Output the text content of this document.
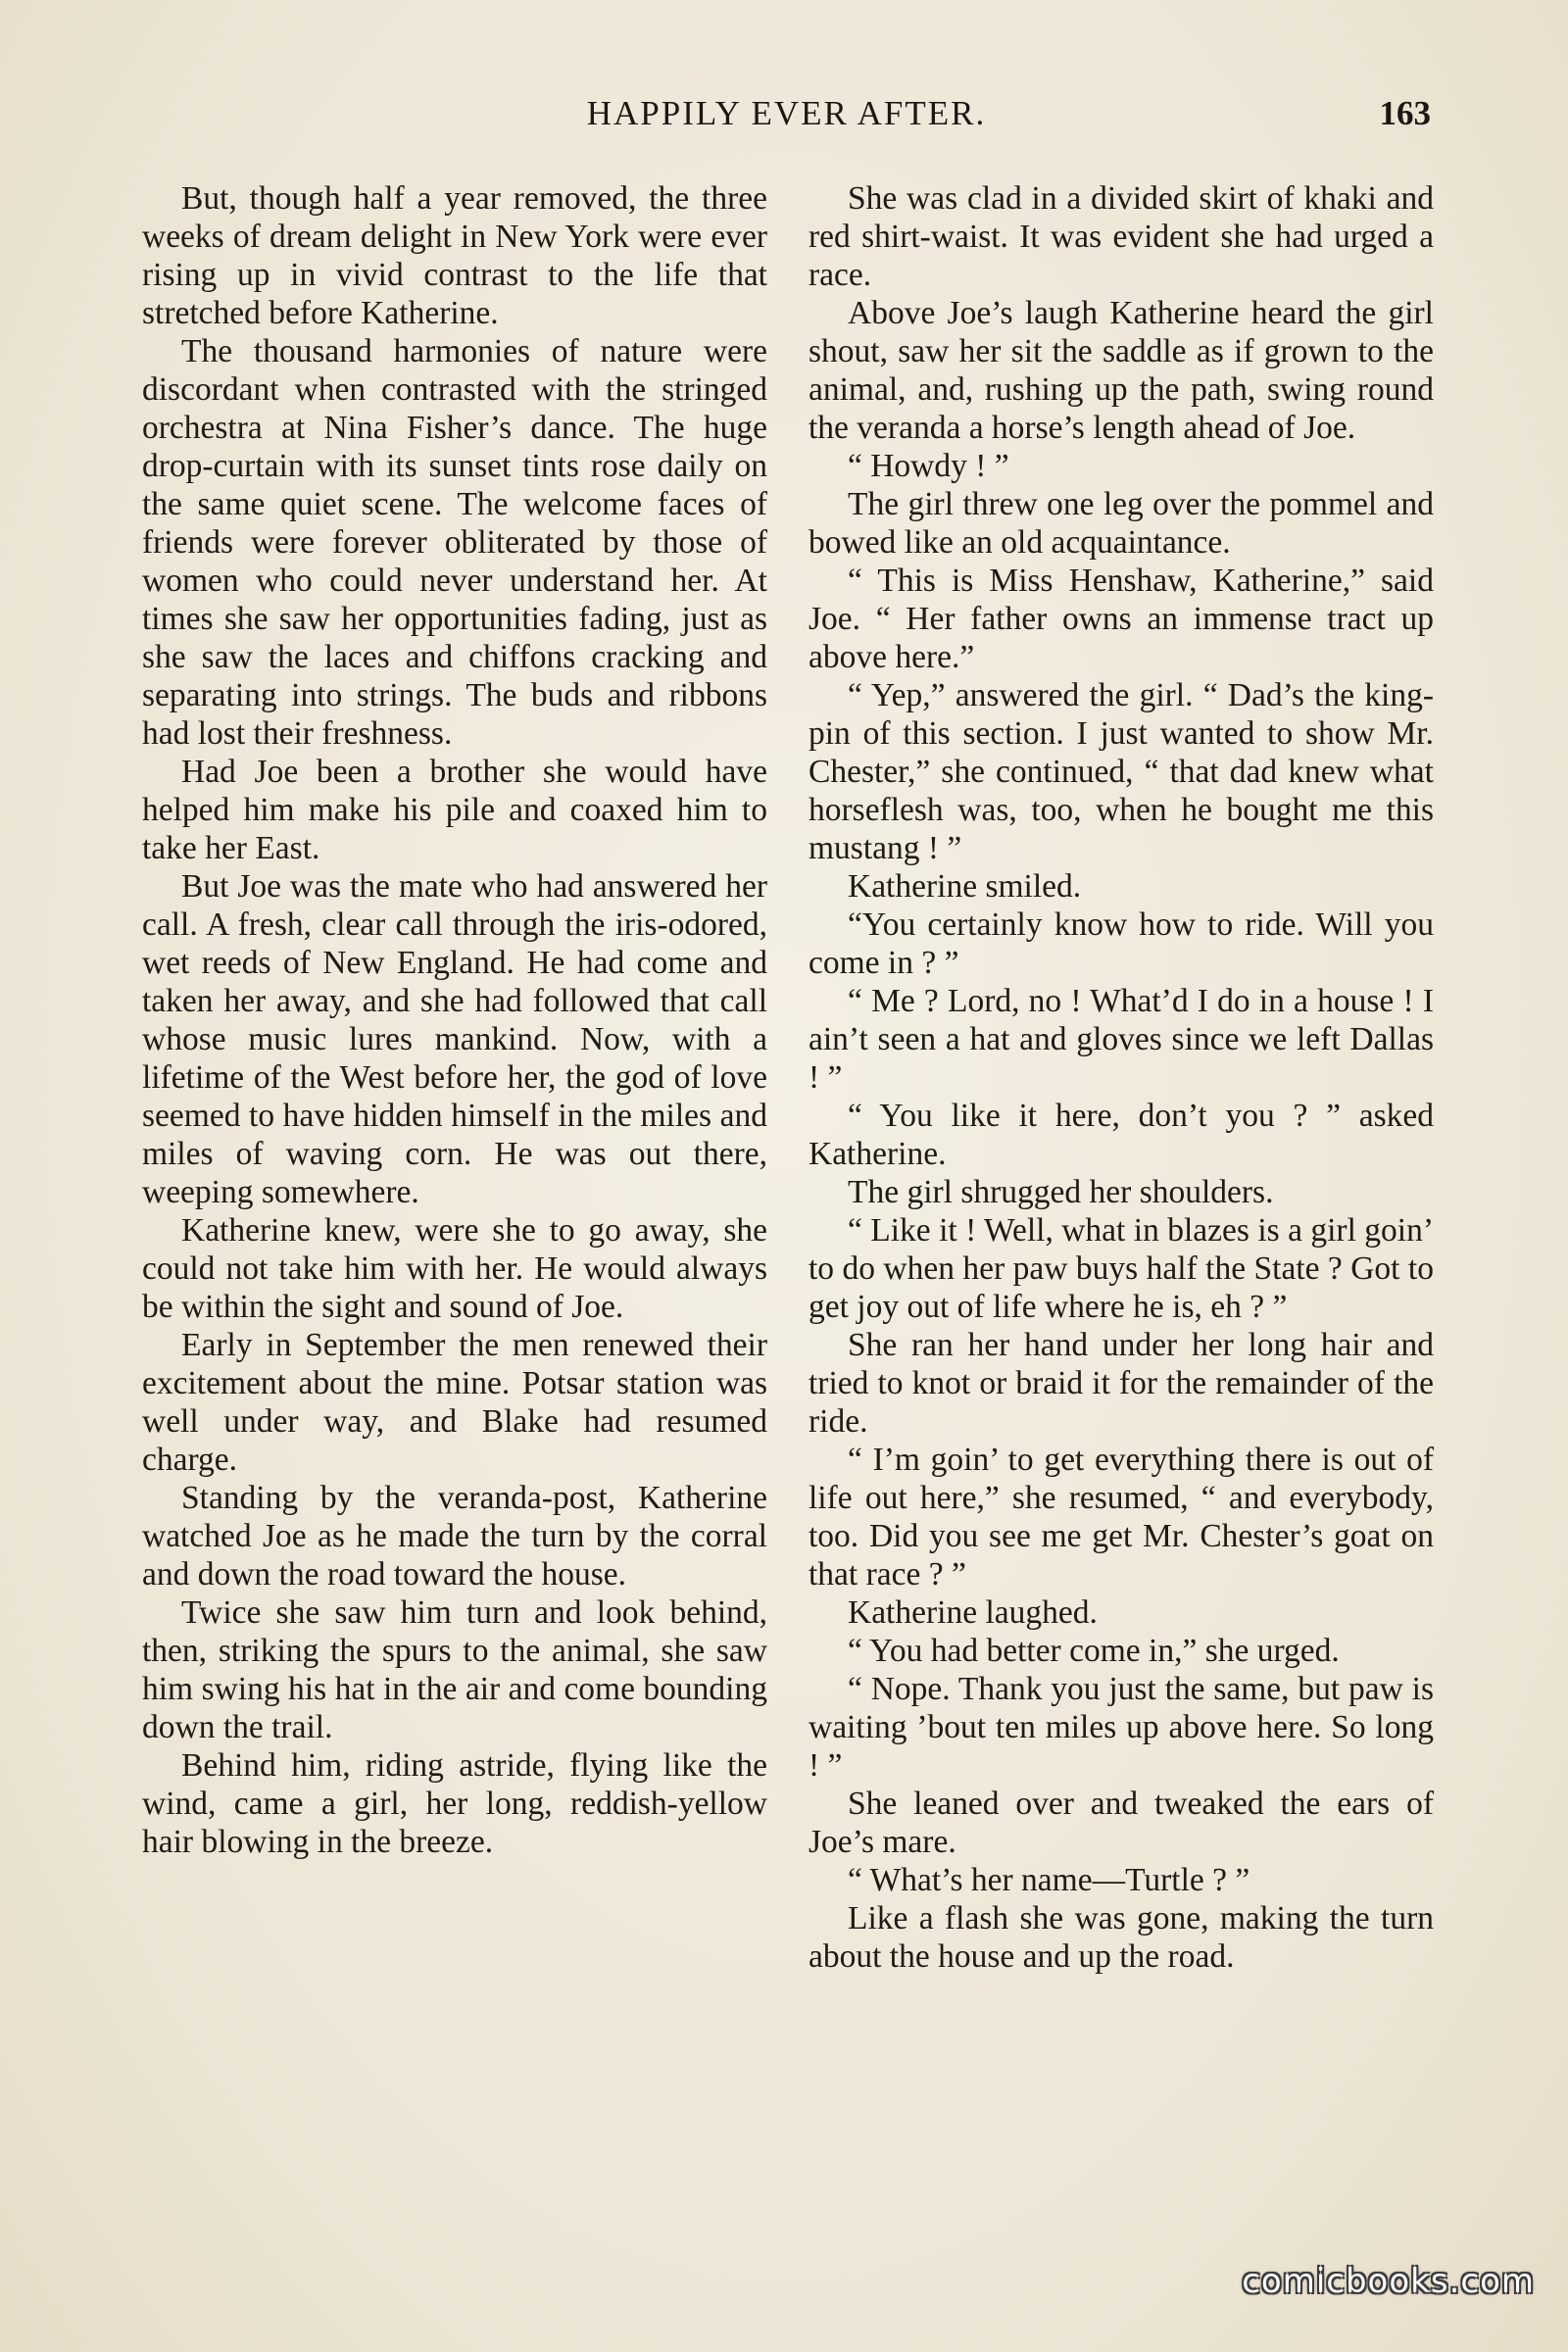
HAPPILY EVER AFTER.	163

But, though half a year removed, the three weeks of dream delight in New York were ever rising up in vivid contrast to the life that stretched before Katherine.

The thousand harmonies of nature were discordant when contrasted with the stringed orchestra at Nina Fisher’s dance. The huge drop-curtain with its sunset tints rose daily on the same quiet scene. The welcome faces of friends were forever obliterated by those of women who could never understand her. At times she saw her opportunities fading, just as she saw the laces and chiffons cracking and separating into strings. The buds and ribbons had lost their freshness.

Had Joe been a brother she would have helped him make his pile and coaxed him to take her East.

But Joe was the mate who had answered her call. A fresh, clear call through the iris-odored, wet reeds of New England. He had come and taken her away, and she had followed that call whose music lures mankind. Now, with a lifetime of the West before her, the god of love seemed to have hidden himself in the miles and miles of waving corn. He was out there, weeping somewhere.

Katherine knew, were she to go away, she could not take him with her. He would always be within the sight and sound of Joe.

Early in September the men renewed their excitement about the mine. Potsar station was well under way, and Blake had resumed charge.

Standing by the veranda-post, Katherine watched Joe as he made the turn by the corral and down the road toward the house.

Twice she saw him turn and look behind, then, striking the spurs to the animal, she saw him swing his hat in the air and come bounding down the trail.

Behind him, riding astride, flying like the wind, came a girl, her long, reddish-yellow hair blowing in the breeze.

She was clad in a divided skirt of khaki and red shirt-waist. It was evident she had urged a race.

Above Joe’s laugh Katherine heard the girl shout, saw her sit the saddle as if grown to the animal, and, rushing up the path, swing round the veranda a horse’s length ahead of Joe.

“ Howdy ! ”

The girl threw one leg over the pommel and bowed like an old acquaintance.

“ This is Miss Henshaw, Katherine,” said Joe. “ Her father owns an immense tract up above here.”

“ Yep,” answered the girl. “ Dad’s the king-pin of this section. I just wanted to show Mr. Chester,” she continued, “ that dad knew what horseflesh was, too, when he bought me this mustang ! ”

Katherine smiled.

“You certainly know how to ride. Will you come in ? ”

“ Me ? Lord, no ! What’d I do in a house ! I ain’t seen a hat and gloves since we left Dallas ! ”

“ You like it here, don’t you ? ” asked Katherine.

The girl shrugged her shoulders.

“ Like it ! Well, what in blazes is a girl goin’ to do when her paw buys half the State ? Got to get joy out of life where he is, eh ? ”

She ran her hand under her long hair and tried to knot or braid it for the remainder of the ride.

“ I’m goin’ to get everything there is out of life out here,” she resumed, “ and everybody, too. Did you see me get Mr. Chester’s goat on that race ? ”

Katherine laughed.

“ You had better come in,” she urged.

“ Nope. Thank you just the same, but paw is waiting ’bout ten miles up above here. So long ! ”

She leaned over and tweaked the ears of Joe’s mare.

“ What’s her name—Turtle ? ”

Like a flash she was gone, making the turn about the house and up the road.

comicbooks.com
